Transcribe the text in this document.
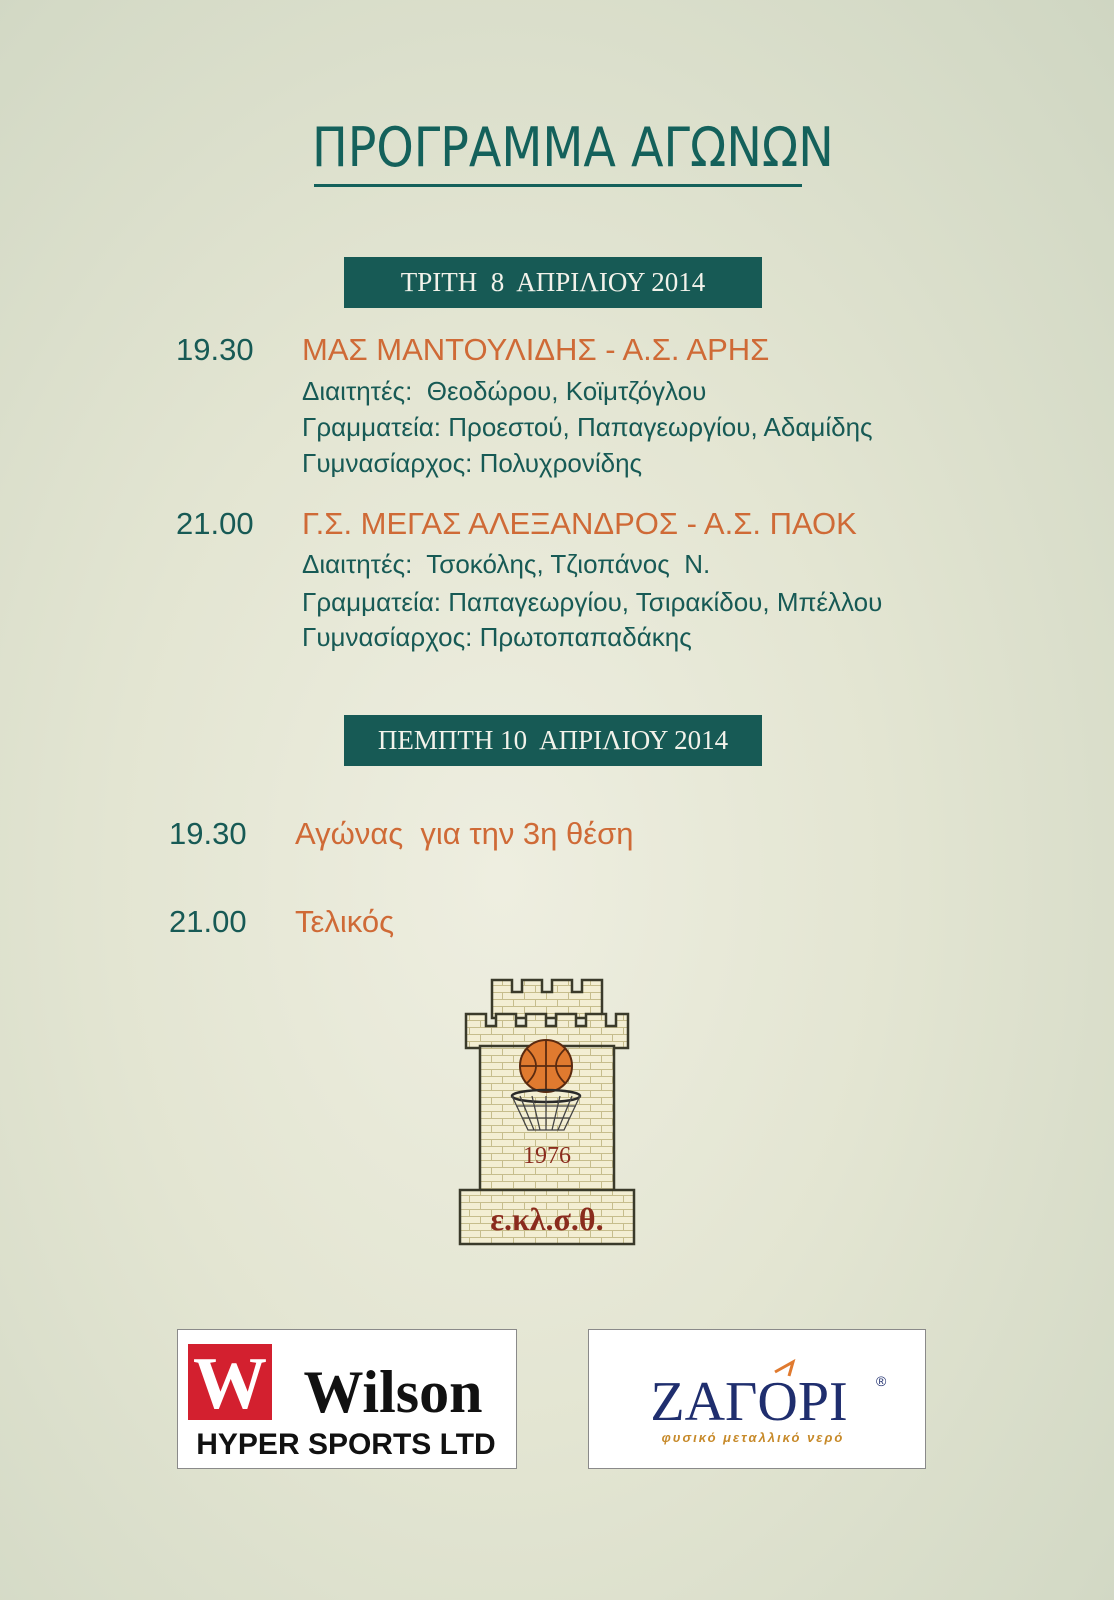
ΠΡΟΓΡΑΜΜΑ ΑΓΩΝΩΝ
ΤΡΙΤΗ  8  ΑΠΡΙΛΙΟΥ 2014
19.30 ΜΑΣ ΜΑΝΤΟΥΛΙΔΗΣ - Α.Σ. ΑΡΗΣ
Διαιτητές:  Θεοδώρου, Κοϊμτζόγλου
Γραμματεία: Προεστού, Παπαγεωργίου, Αδαμίδης
Γυμνασίαρχος: Πολυχρονίδης
21.00 Γ.Σ. ΜΕΓΑΣ ΑΛΕΞΑΝΔΡΟΣ - Α.Σ. ΠΑΟΚ
Διαιτητές:  Τσοκόλης, Τζιοπάνος  Ν.
Γραμματεία: Παπαγεωργίου, Τσιρακίδου, Μπέλλου
Γυμνασίαρχος: Πρωτοπαπαδάκης
ΠΕΜΠΤΗ 10  ΑΠΡΙΛΙΟΥ 2014
19.30 Αγώνας  για την 3η θέση
21.00 Τελικός
1976
ε.κλ.σ.θ.
W Wilson
HYPER SPORTS LTD
ΖΑΓΟΡΙ ®
φυσικό μεταλλικό νερό
